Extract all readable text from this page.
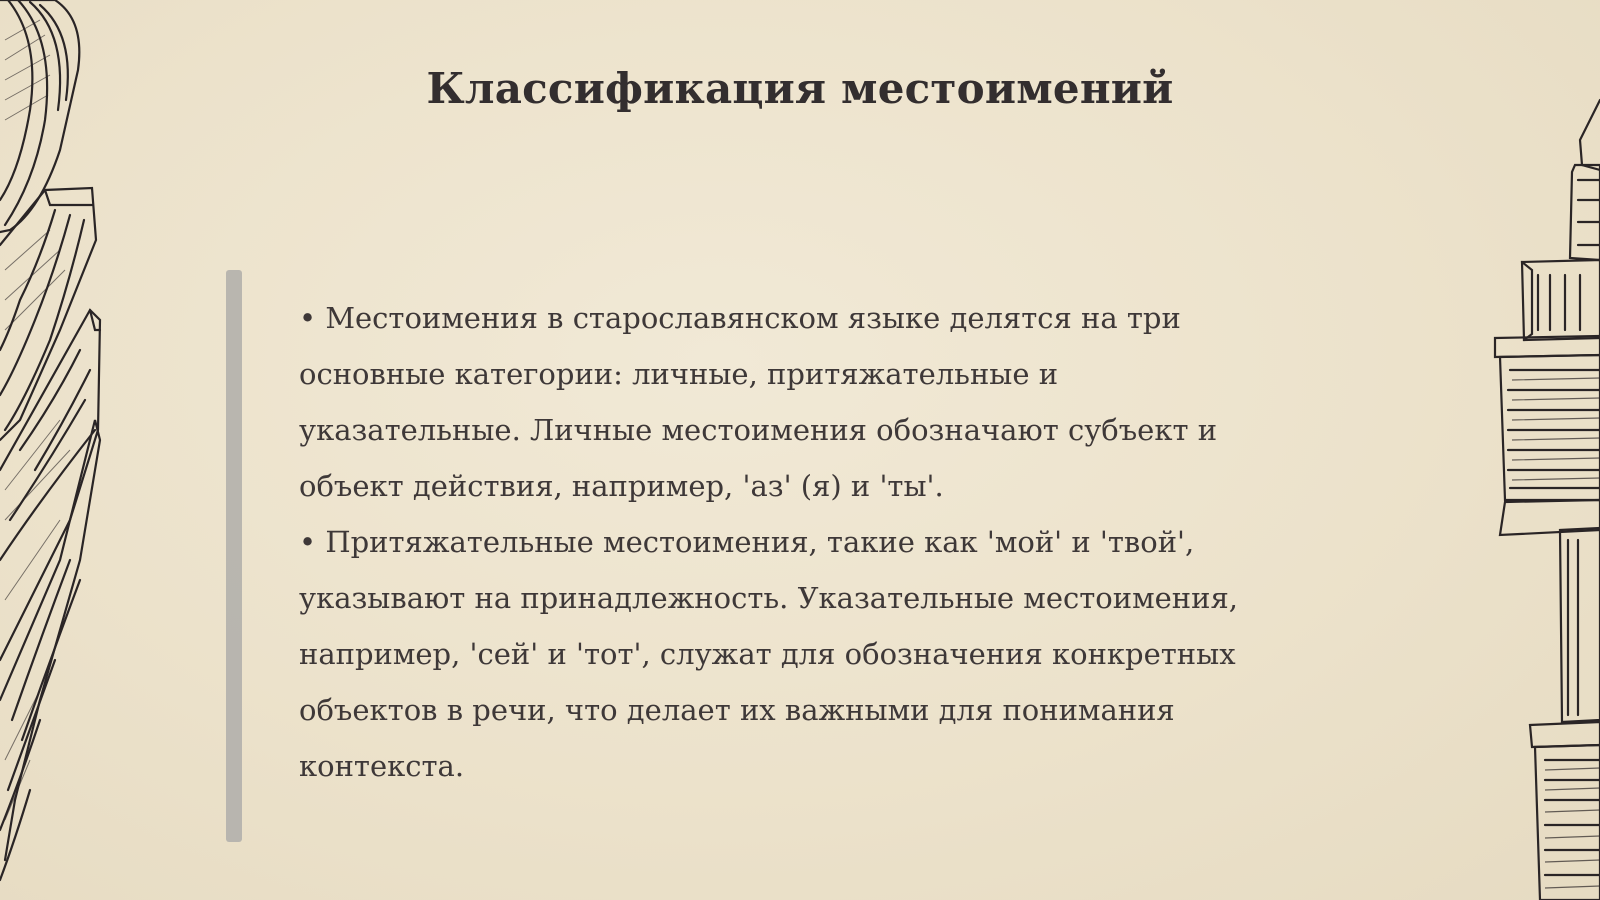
Классификация местоимений

• Местоимения в старославянском языке делятся на три основные категории: личные, притяжательные и указательные. Личные местоимения обозначают субъект и объект действия, например, 'аз' (я) и 'ты'.

• Притяжательные местоимения, такие как 'мой' и 'твой', указывают на принадлежность. Указательные местоимения, например, 'сей' и 'тот', служат для обозначения конкретных объектов в речи, что делает их важными для понимания контекста.
